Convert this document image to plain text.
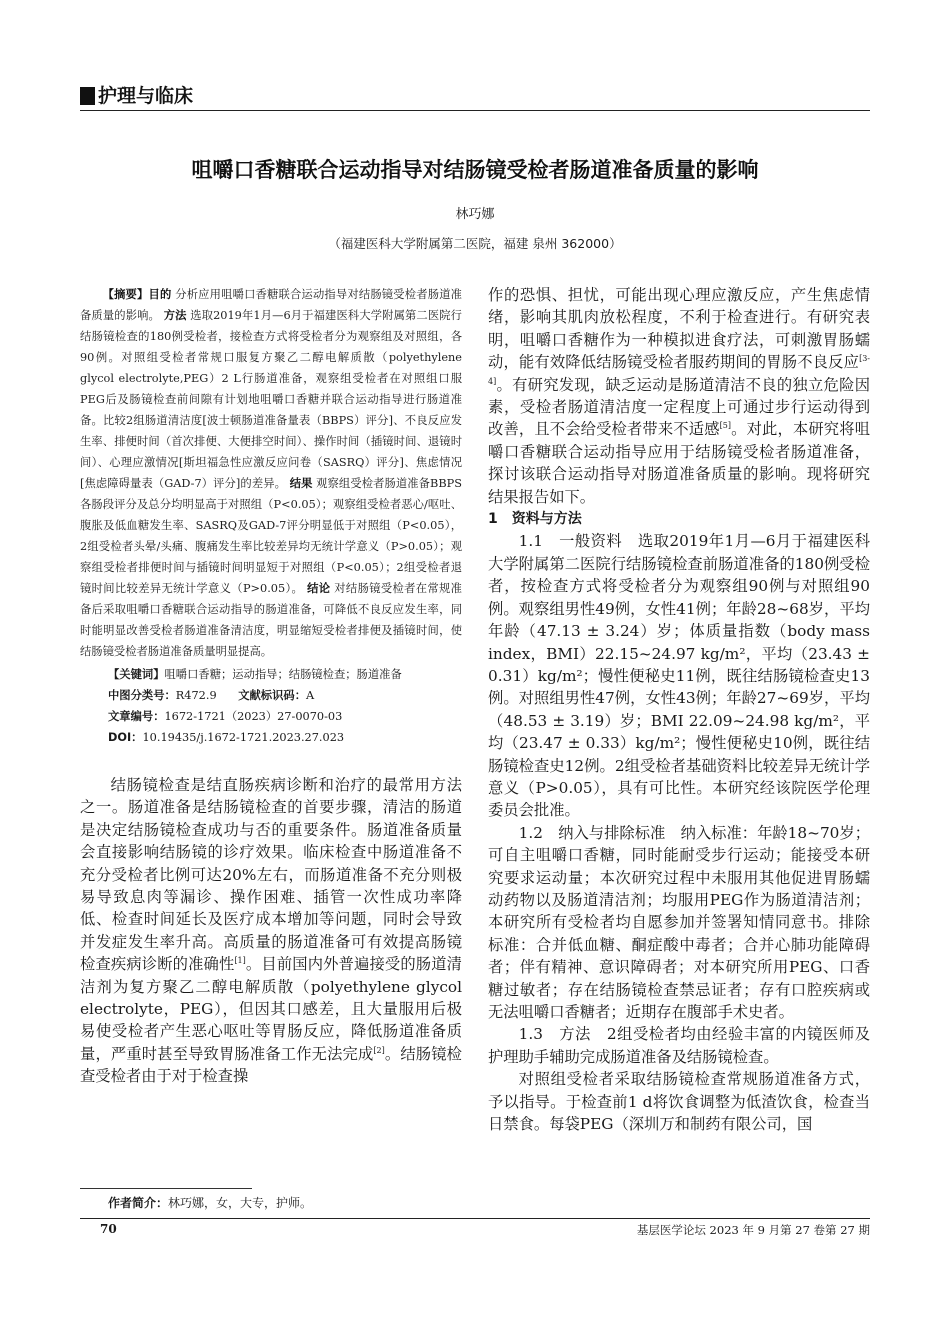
护理与临床
咀嚼口香糖联合运动指导对结肠镜受检者肠道准备质量的影响
林巧娜
（福建医科大学附属第二医院，福建 泉州 362000）
【摘要】目的 分析应用咀嚼口香糖联合运动指导对结肠镜受检者肠道准备质量的影响。 方法 选取2019年1月—6月于福建医科大学附属第二医院行结肠镜检查的180例受检者，接检查方式将受检者分为观察组及对照组，各90例。对照组受检者常规口服复方聚乙二醇电解质散（polyethylene glycol electrolyte,PEG）2 L行肠道准备，观察组受检者在对照组口服PEG后及肠镜检查前间隙有计划地咀嚼口香糖并联合运动指导进行肠道准备。比较2组肠道清洁度[波士顿肠道准备量表（BBPS）评分]、不良反应发生率、排便时间（首次排便、大便排空时间）、操作时间（插镜时间、退镜时间）、心理应激情况[斯坦福急性应激反应问卷（SASRQ）评分]、焦虑情况[焦虑障碍量表（GAD-7）评分]的差异。 结果 观察组受检者肠道准备BBPS各肠段评分及总分均明显高于对照组（P<0.05）；观察组受检者恶心/呕吐、腹胀及低血糖发生率、SASRQ及GAD-7评分明显低于对照组（P<0.05），2组受检者头晕/头痛、腹痛发生率比较差异均无统计学意义（P>0.05）；观察组受检者排便时间与插镜时间明显短于对照组（P<0.05）；2组受检者退镜时间比较差异无统计学意义（P>0.05）。 结论 对结肠镜受检者在常规准备后采取咀嚼口香糖联合运动指导的肠道准备，可降低不良反应发生率，同时能明显改善受检者肠道准备清洁度，明显缩短受检者排便及插镜时间，使结肠镜受检者肠道准备质量明显提高。
【关键词】咀嚼口香糖；运动指导；结肠镜检查；肠道准备
中图分类号：R472.9 文献标识码：A
文章编号：1672-1721（2023）27-0070-03
DOI：10.19435/j.1672-1721.2023.27.023
结肠镜检查是结直肠疾病诊断和治疗的最常用方法之一。肠道准备是结肠镜检查的首要步骤，清洁的肠道是决定结肠镜检查成功与否的重要条件。肠道准备质量会直接影响结肠镜的诊疗效果。临床检查中肠道准备不充分受检者比例可达20%左右，而肠道准备不充分则极易导致息肉等漏诊、操作困难、插管一次性成功率降低、检查时间延长及医疗成本增加等问题，同时会导致并发症发生率升高。高质量的肠道准备可有效提高肠镜检查疾病诊断的准确性[1]。目前国内外普遍接受的肠道清洁剂为复方聚乙二醇电解质散（polyethylene glycol electrolyte，PEG），但因其口感差，且大量服用后极易使受检者产生恶心呕吐等胃肠反应，降低肠道准备质量，严重时甚至导致胃肠准备工作无法完成[2]。结肠镜检查受检者由于对于检查操
作者简介：林巧娜，女，大专，护师。

作的恐惧、担忧，可能出现心理应激反应，产生焦虑情绪，影响其肌肉放松程度，不利于检查进行。有研究表明，咀嚼口香糖作为一种模拟进食疗法，可刺激胃肠蠕动，能有效降低结肠镜受检者服药期间的胃肠不良反应[3-4]。有研究发现，缺乏运动是肠道清洁不良的独立危险因素，受检者肠道清洁度一定程度上可通过步行运动得到改善，且不会给受检者带来不适感[5]。对此，本研究将咀嚼口香糖联合运动指导应用于结肠镜受检者肠道准备，探讨该联合运动指导对肠道准备质量的影响。现将研究结果报告如下。

1　资料与方法

1.1　一般资料　选取2019年1月—6月于福建医科大学附属第二医院行结肠镜检查前肠道准备的180例受检者，按检查方式将受检者分为观察组90例与对照组90例。观察组男性49例，女性41例；年龄28~68岁，平均年龄（47.13 ± 3.24）岁；体质量指数（body mass index，BMI）22.15~24.97 kg/m²，平均（23.43 ± 0.31）kg/m²；慢性便秘史11例，既往结肠镜检查史13例。对照组男性47例，女性43例；年龄27~69岁，平均（48.53 ± 3.19）岁；BMI 22.09~24.98 kg/m²，平均（23.47 ± 0.33）kg/m²；慢性便秘史10例，既往结肠镜检查史12例。2组受检者基础资料比较差异无统计学意义（P>0.05），具有可比性。本研究经该院医学伦理委员会批准。

1.2　纳入与排除标准　纳入标准：年龄18~70岁；可自主咀嚼口香糖，同时能耐受步行运动；能接受本研究要求运动量；本次研究过程中未服用其他促进胃肠蠕动药物以及肠道清洁剂；均服用PEG作为肠道清洁剂；本研究所有受检者均自愿参加并签署知情同意书。排除标准：合并低血糖、酮症酸中毒者；合并心肺功能障碍者；伴有精神、意识障碍者；对本研究所用PEG、口香糖过敏者；存在结肠镜检查禁忌证者；存有口腔疾病或无法咀嚼口香糖者；近期存在腹部手术史者。

1.3　方法　2组受检者均由经验丰富的内镜医师及护理助手辅助完成肠道准备及结肠镜检查。

对照组受检者采取结肠镜检查常规肠道准备方式，予以指导。于检查前1 d将饮食调整为低渣饮食，检查当日禁食。每袋PEG（深圳万和制药有限公司，国

70	基层医学论坛 2023 年 9 月第 27 卷第 27 期
